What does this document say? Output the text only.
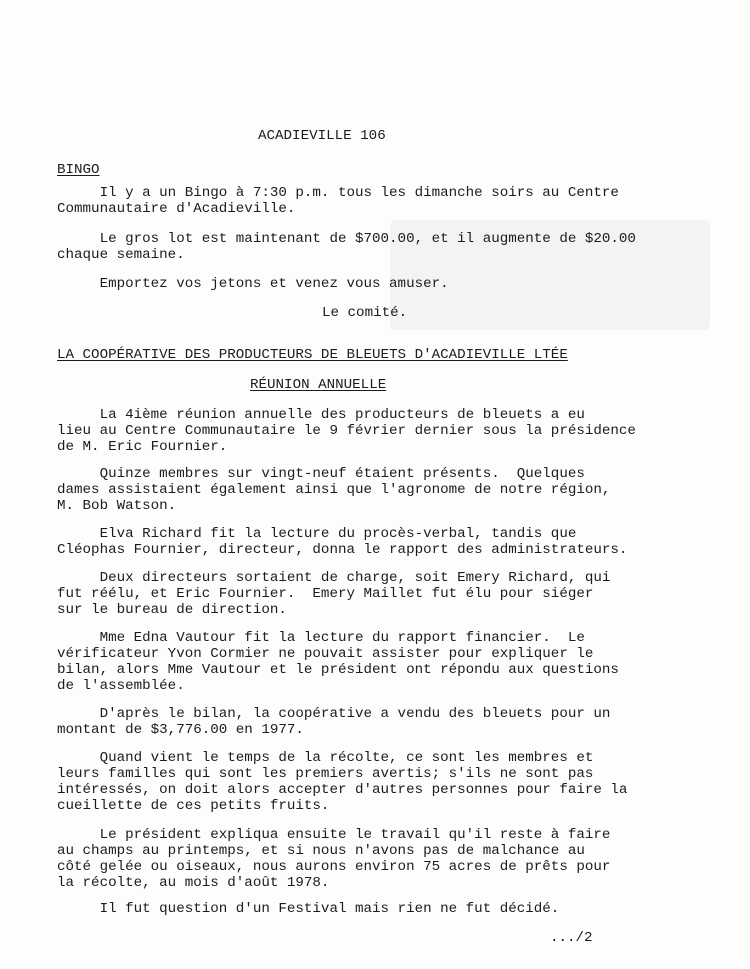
ACADIEVILLE 106
BINGO
Il y a un Bingo à 7:30 p.m. tous les dimanche soirs au Centre
Communautaire d'Acadieville.
Le gros lot est maintenant de $700.00, et il augmente de $20.00
chaque semaine.
Emportez vos jetons et venez vous amuser.
Le comité.
LA COOPÉRATIVE DES PRODUCTEURS DE BLEUETS D'ACADIEVILLE LTÉE
RÉUNION ANNUELLE
La 4ième réunion annuelle des producteurs de bleuets a eu
lieu au Centre Communautaire le 9 février dernier sous la présidence
de M. Eric Fournier.
Quinze membres sur vingt-neuf étaient présents.  Quelques
dames assistaient également ainsi que l'agronome de notre région,
M. Bob Watson.
Elva Richard fit la lecture du procès-verbal, tandis que
Cléophas Fournier, directeur, donna le rapport des administrateurs.
Deux directeurs sortaient de charge, soit Emery Richard, qui
fut réélu, et Eric Fournier.  Emery Maillet fut élu pour siéger
sur le bureau de direction.
Mme Edna Vautour fit la lecture du rapport financier.  Le
vérificateur Yvon Cormier ne pouvait assister pour expliquer le
bilan, alors Mme Vautour et le président ont répondu aux questions
de l'assemblée.
D'après le bilan, la coopérative a vendu des bleuets pour un
montant de $3,776.00 en 1977.
Quand vient le temps de la récolte, ce sont les membres et
leurs familles qui sont les premiers avertis; s'ils ne sont pas
intéressés, on doit alors accepter d'autres personnes pour faire la
cueillette de ces petits fruits.
Le président expliqua ensuite le travail qu'il reste à faire
au champs au printemps, et si nous n'avons pas de malchance au
côté gelée ou oiseaux, nous aurons environ 75 acres de prêts pour
la récolte, au mois d'août 1978.
Il fut question d'un Festival mais rien ne fut décidé.
.../2
